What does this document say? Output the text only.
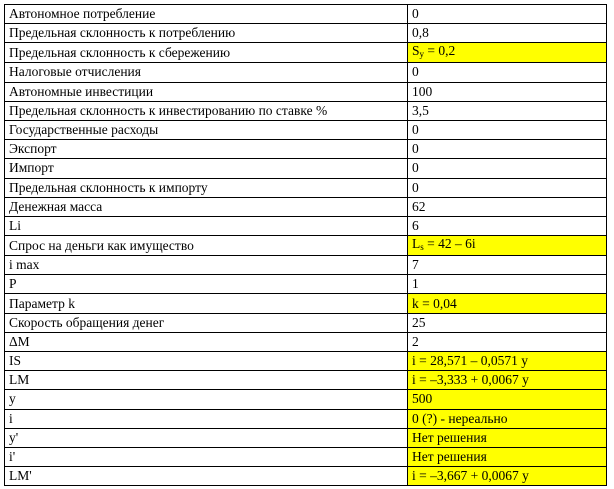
Автономное потребление	0
Предельная склонность к потреблению	0,8
Предельная склонность к сбережению	$S_y = 0,2$
Налоговые отчисления	0
Автономные инвестиции	100
Предельная склонность к инвестированию по ставке %	3,5
Государственные расходы	0
Экспорт	0
Импорт	0
Предельная склонность к импорту	0
Денежная масса	62
Li	6
Спрос на деньги как имущество	$L_s = 42 - 6i$
i max	7
P	1
Параметр k	k = 0,04
Скорость обращения денег	25
ΔM	2
IS	i = 28,571 – 0,0571 y
LM	i = –3,333 + 0,0067 y
y	500
i	0 (?) - нереально
y'	Нет решения
i'	Нет решения
LM'	i = –3,667 + 0,0067 y
